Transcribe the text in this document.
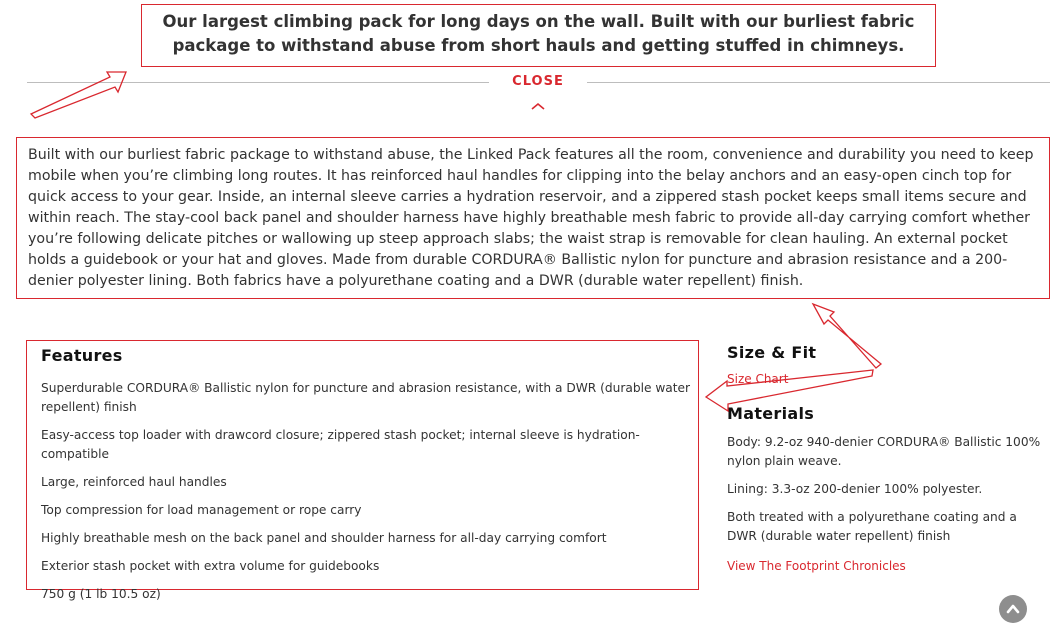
Our largest climbing pack for long days on the wall. Built with our burliest fabric package to withstand abuse from short hauls and getting stuffed in chimneys.
CLOSE
Built with our burliest fabric package to withstand abuse, the Linked Pack features all the room, convenience and durability you need to keep mobile when you’re climbing long routes. It has reinforced haul handles for clipping into the belay anchors and an easy-open cinch top for quick access to your gear. Inside, an internal sleeve carries a hydration reservoir, and a zippered stash pocket keeps small items secure and within reach. The stay-cool back panel and shoulder harness have highly breathable mesh fabric to provide all-day carrying comfort whether you’re following delicate pitches or wallowing up steep approach slabs; the waist strap is removable for clean hauling. An external pocket holds a guidebook or your hat and gloves. Made from durable CORDURA® Ballistic nylon for puncture and abrasion resistance and a 200-denier polyester lining. Both fabrics have a polyurethane coating and a DWR (durable water repellent) finish.
Features
Superdurable CORDURA® Ballistic nylon for puncture and abrasion resistance, with a DWR (durable water repellent) finish
Easy-access top loader with drawcord closure; zippered stash pocket; internal sleeve is hydration-compatible
Large, reinforced haul handles
Top compression for load management or rope carry
Highly breathable mesh on the back panel and shoulder harness for all-day carrying comfort
Exterior stash pocket with extra volume for guidebooks
750 g (1 lb 10.5 oz)
Size & Fit
Size Chart
Materials

Body: 9.2-oz 940-denier CORDURA® Ballistic 100% nylon plain weave.

Lining: 3.3-oz 200-denier 100% polyester.

Both treated with a polyurethane coating and a DWR (durable water repellent) finish

View The Footprint Chronicles
